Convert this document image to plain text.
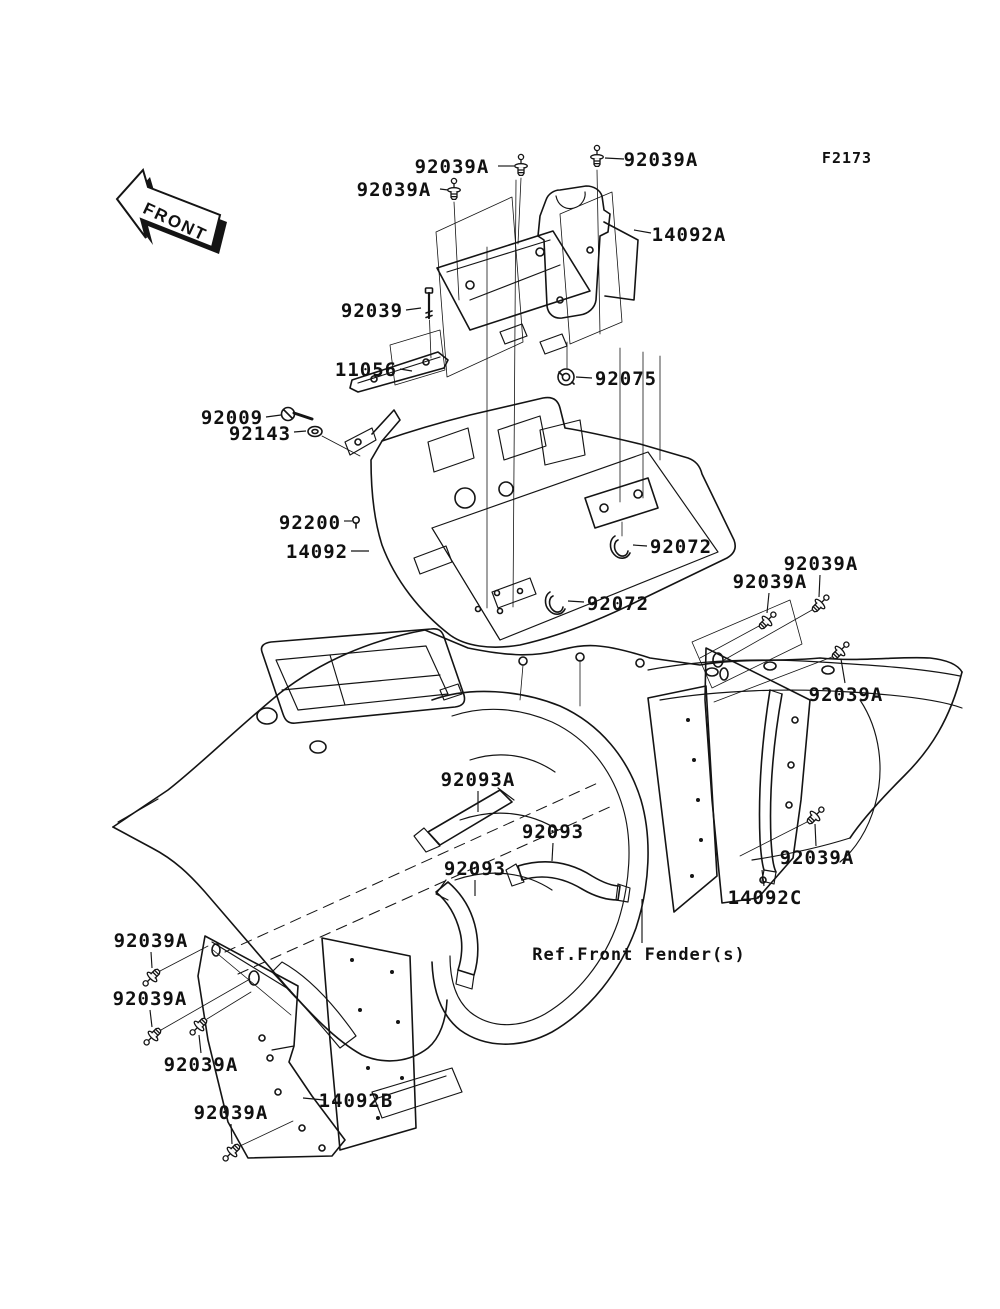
F2173
FRONT
92039A
92039A
92039A
14092A
92039
11056	92075
92009
92143
92200
14092	92072
92072
92039A
92039A
92039A
92039A
14092C
92093A
92093
92093
Ref.Front Fender(s)
92039A
92039A
92039A
14092B
92039A
